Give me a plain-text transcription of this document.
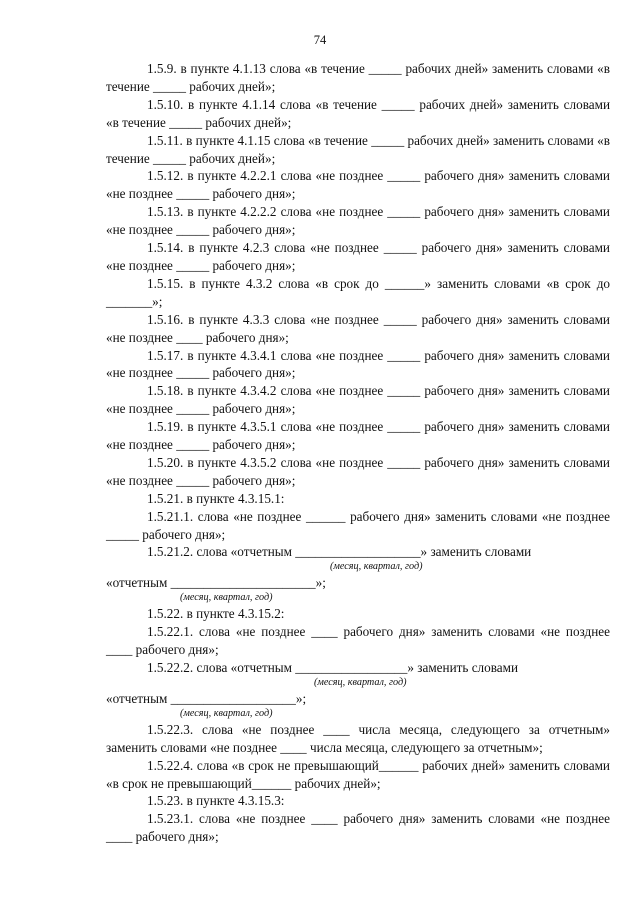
74

1.5.9. в пункте 4.1.13 слова «в течение _____ рабочих дней» заменить словами «в течение _____ рабочих дней»;

1.5.10. в пункте 4.1.14 слова «в течение _____ рабочих дней» заменить словами «в течение _____ рабочих дней»;

1.5.11. в пункте 4.1.15 слова «в течение _____ рабочих дней» заменить словами «в течение _____ рабочих дней»;

1.5.12. в пункте 4.2.2.1 слова «не позднее _____ рабочего дня» заменить словами «не позднее _____ рабочего дня»;

1.5.13. в пункте 4.2.2.2 слова «не позднее _____ рабочего дня» заменить словами «не позднее _____ рабочего дня»;

1.5.14. в пункте 4.2.3 слова «не позднее _____ рабочего дня» заменить словами «не позднее _____ рабочего дня»;

1.5.15. в пункте 4.3.2 слова «в срок до ______» заменить словами «в срок до _______»;

1.5.16. в пункте 4.3.3 слова «не позднее _____ рабочего дня» заменить словами «не позднее ____ рабочего дня»;

1.5.17. в пункте 4.3.4.1 слова «не позднее _____ рабочего дня» заменить словами «не позднее _____ рабочего дня»;

1.5.18. в пункте 4.3.4.2 слова «не позднее _____ рабочего дня» заменить словами «не позднее _____ рабочего дня»;

1.5.19. в пункте 4.3.5.1 слова «не позднее _____ рабочего дня» заменить словами «не позднее _____ рабочего дня»;

1.5.20. в пункте 4.3.5.2 слова «не позднее _____ рабочего дня» заменить словами «не позднее _____ рабочего дня»;

1.5.21. в пункте 4.3.15.1:

1.5.21.1. слова «не позднее ______ рабочего дня» заменить словами «не позднее _____ рабочего дня»;

1.5.21.2. слова «отчетным ___________________» заменить словами

(месяц, квартал, год)

«отчетным ______________________»;

(месяц, квартал, год)

1.5.22. в пункте 4.3.15.2:

1.5.22.1. слова «не позднее ____ рабочего дня» заменить словами «не позднее ____ рабочего дня»;

1.5.22.2. слова «отчетным _________________» заменить словами

(месяц, квартал, год)

«отчетным ___________________»;

(месяц, квартал, год)

1.5.22.3. слова «не позднее ____ числа месяца, следующего за отчетным» заменить словами «не позднее ____ числа месяца, следующего за отчетным»;

1.5.22.4. слова «в срок не превышающий______ рабочих дней» заменить словами «в срок не превышающий______ рабочих дней»;

1.5.23. в пункте 4.3.15.3:

1.5.23.1. слова «не позднее ____ рабочего дня» заменить словами «не позднее ____ рабочего дня»;
